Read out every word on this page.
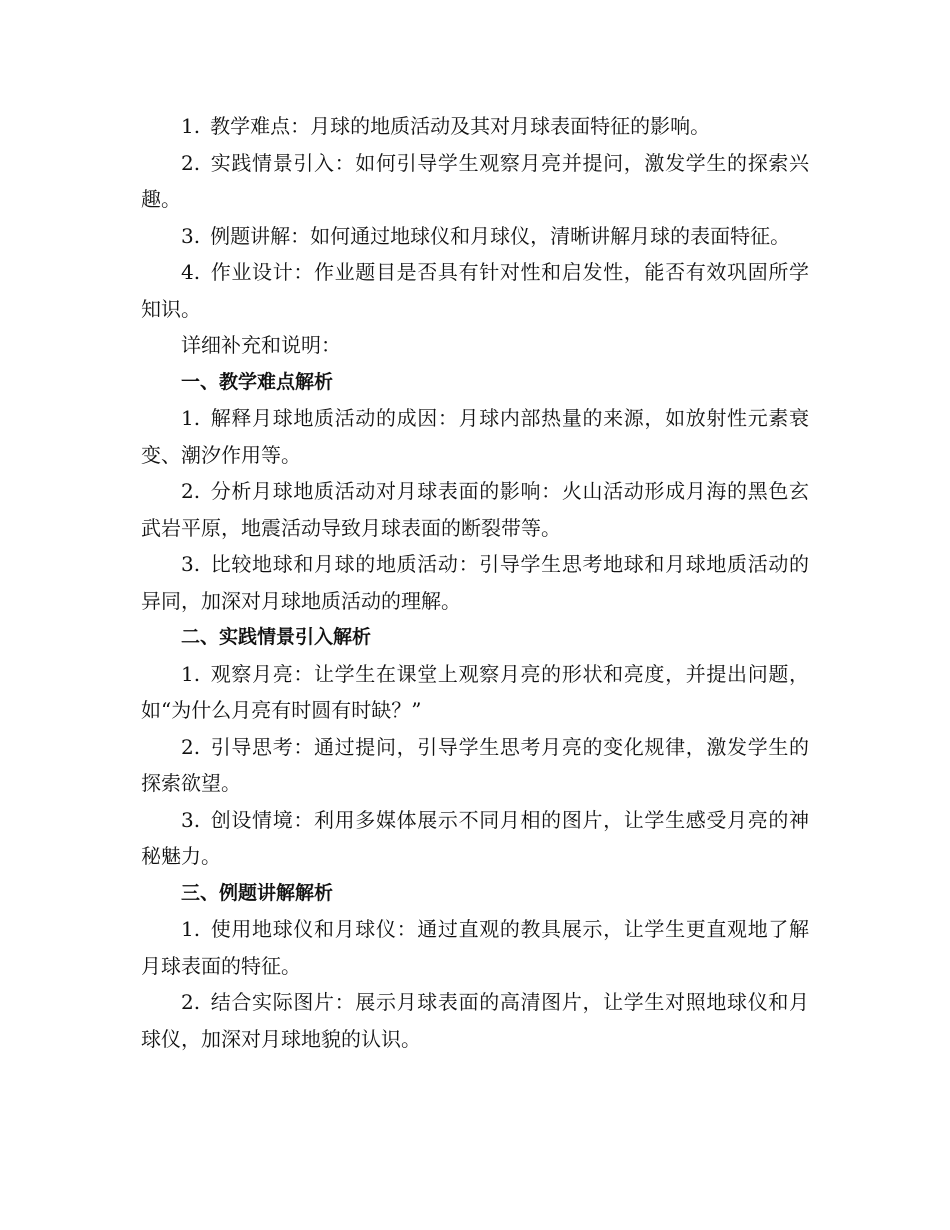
1. 教学难点：月球的地质活动及其对月球表面特征的影响。

2. 实践情景引入：如何引导学生观察月亮并提问，激发学生的探索兴趣。

3. 例题讲解：如何通过地球仪和月球仪，清晰讲解月球的表面特征。

4. 作业设计：作业题目是否具有针对性和启发性，能否有效巩固所学知识。

详细补充和说明：

一、教学难点解析

1. 解释月球地质活动的成因：月球内部热量的来源，如放射性元素衰变、潮汐作用等。

2. 分析月球地质活动对月球表面的影响：火山活动形成月海的黑色玄武岩平原，地震活动导致月球表面的断裂带等。

3. 比较地球和月球的地质活动：引导学生思考地球和月球地质活动的异同，加深对月球地质活动的理解。

二、实践情景引入解析

1. 观察月亮：让学生在课堂上观察月亮的形状和亮度，并提出问题，如“为什么月亮有时圆有时缺？”

2. 引导思考：通过提问，引导学生思考月亮的变化规律，激发学生的探索欲望。

3. 创设情境：利用多媒体展示不同月相的图片，让学生感受月亮的神秘魅力。

三、例题讲解解析

1. 使用地球仪和月球仪：通过直观的教具展示，让学生更直观地了解月球表面的特征。

2. 结合实际图片：展示月球表面的高清图片，让学生对照地球仪和月球仪，加深对月球地貌的认识。
